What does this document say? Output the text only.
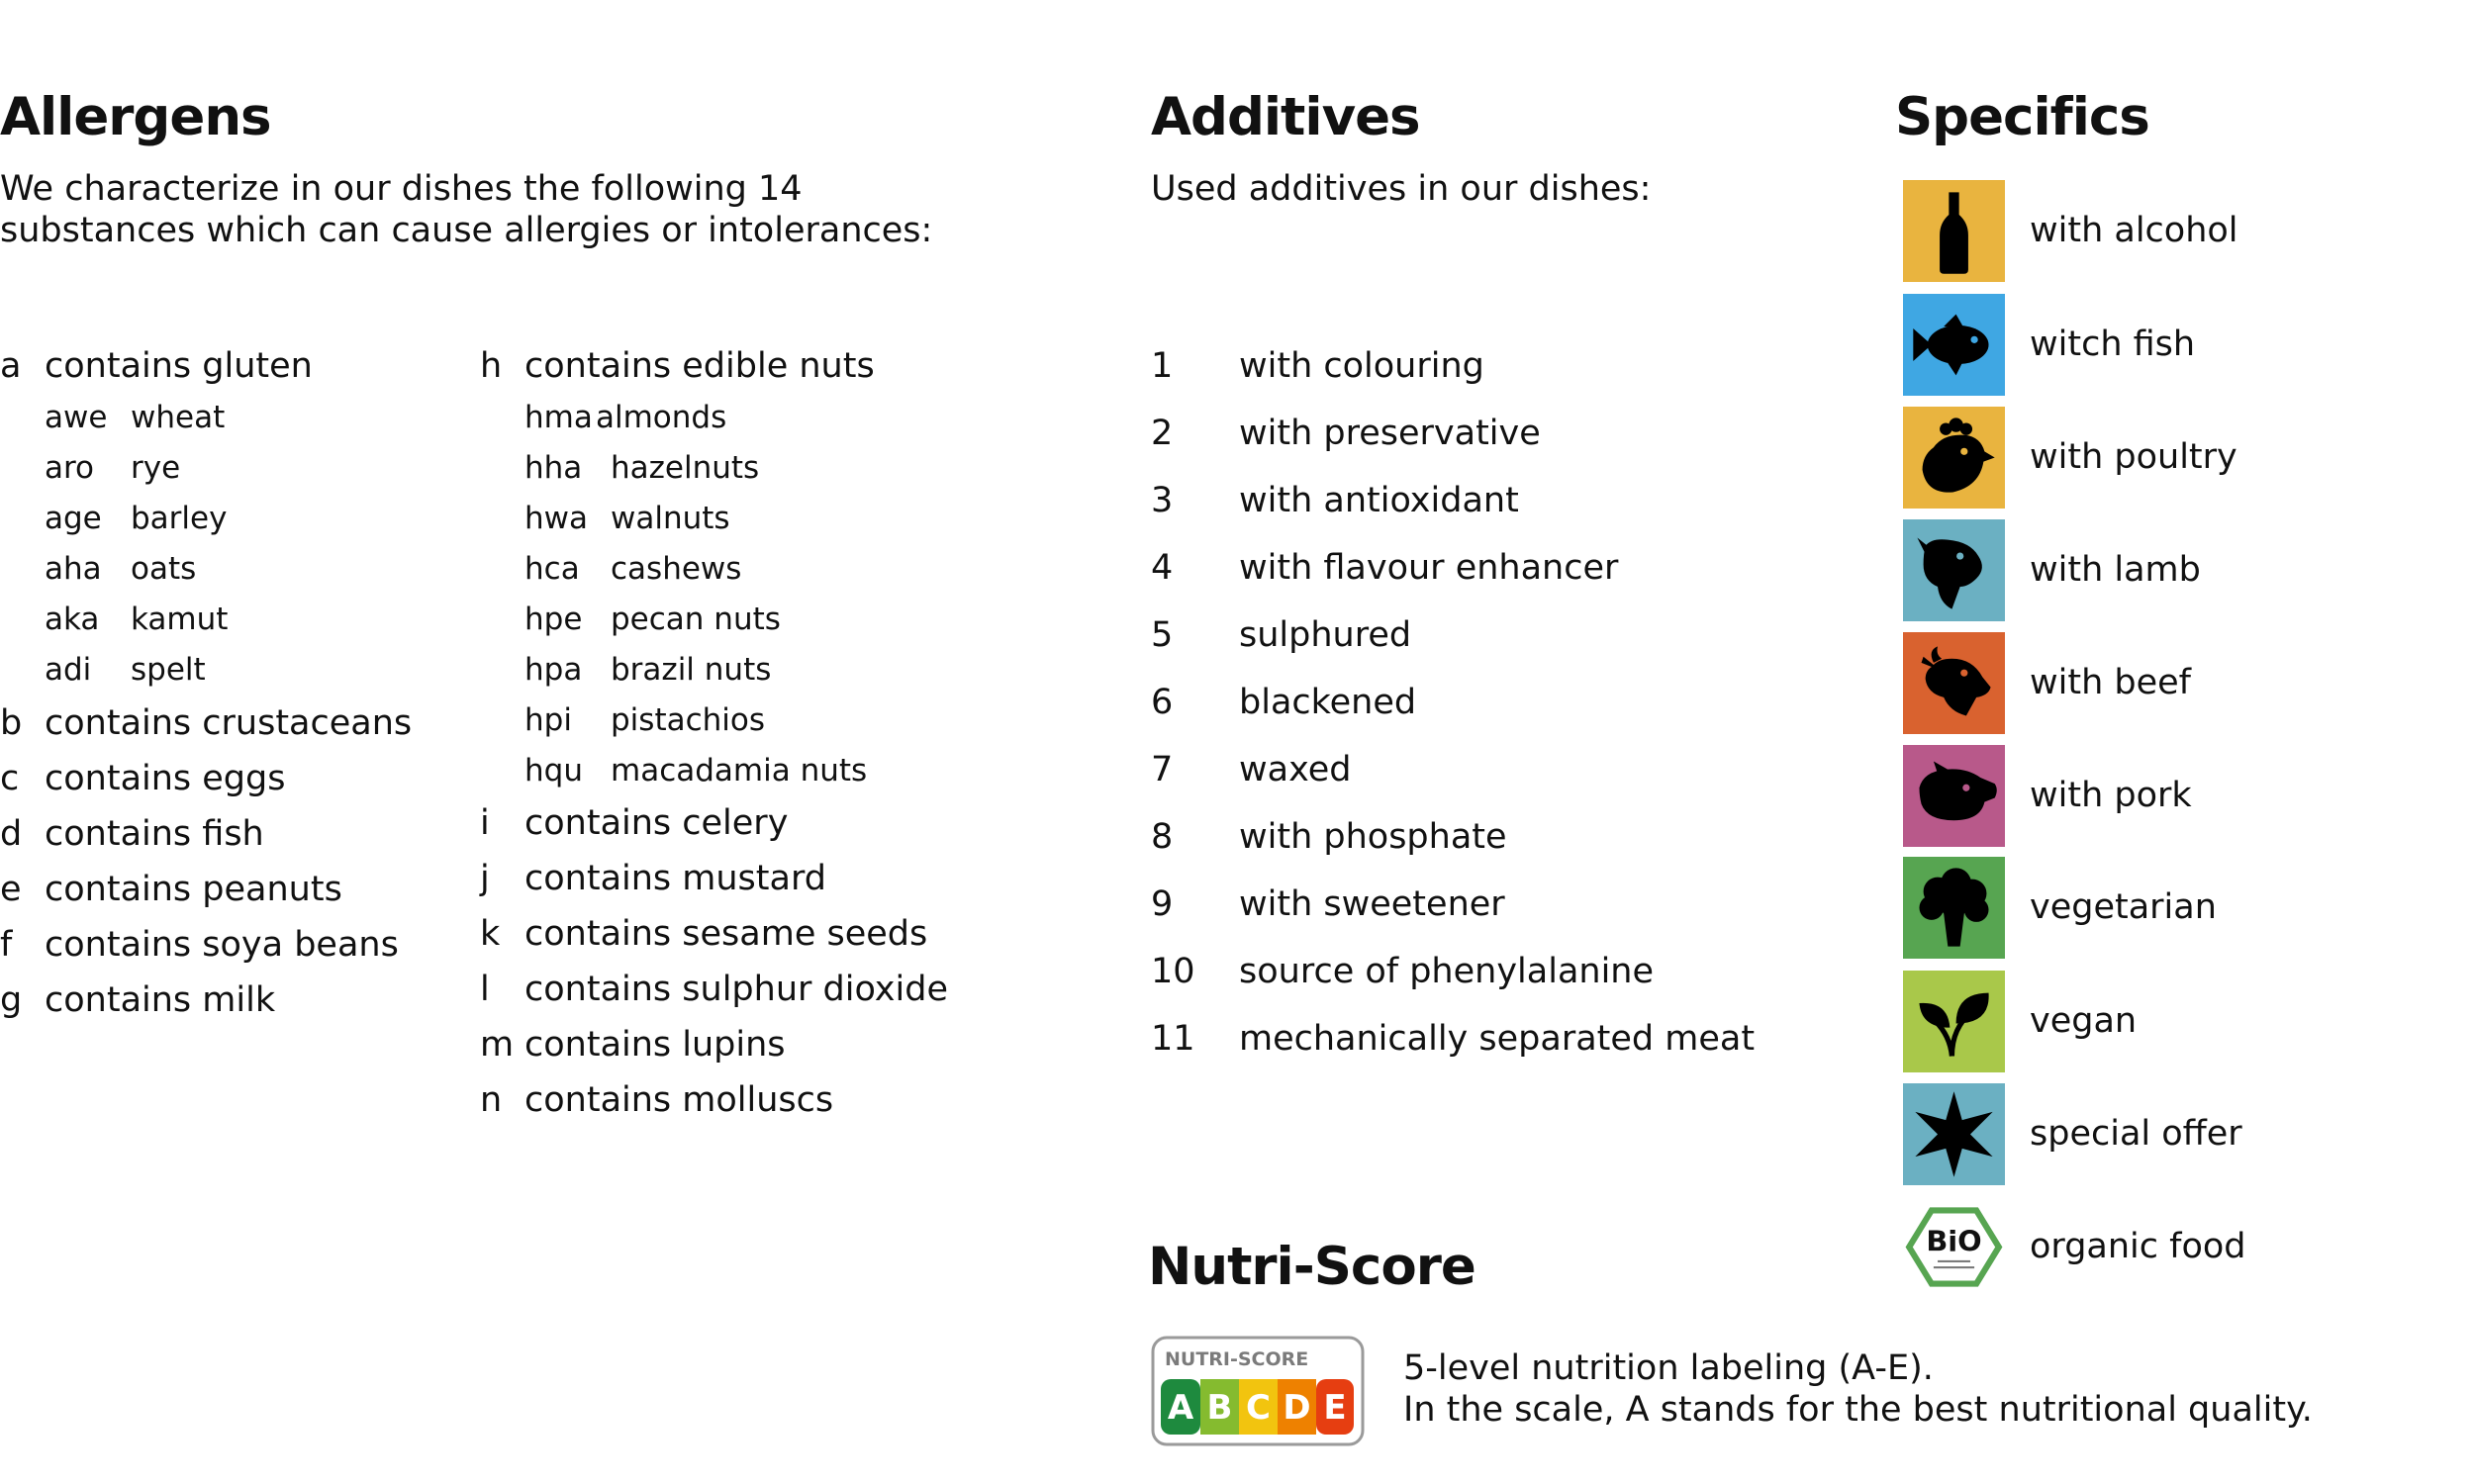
Allergens
We characterize in our dishes the following 14
substances which can cause allergies or intolerances:
a contains gluten
awe wheat
aro rye
age barley
aha oats
aka kamut
adi spelt
b contains crustaceans
c contains eggs
d contains fish
e contains peanuts
f contains soya beans
g contains milk
h contains edible nuts
hma almonds
hha hazelnuts
hwa walnuts
hca cashews
hpe pecan nuts
hpa brazil nuts
hpi pistachios
hqu macadamia nuts
i contains celery
j contains mustard
k contains sesame seeds
l contains sulphur dioxide
m contains lupins
n contains molluscs
Additives
Used additives in our dishes:
1 with colouring
2 with preservative
3 with antioxidant
4 with flavour enhancer
5 sulphured
6 blackened
7 waxed
8 with phosphate
9 with sweetener
10 source of phenylalanine
11 mechanically separated meat
Nutri-Score
NUTRI-SCORE
A B C D E
5-level nutrition labeling (A-E).
In the scale, A stands for the best nutritional quality.
Specifics
with alcohol
witch fish
with poultry
with lamb
with beef
with pork
vegetarian
vegan
special offer
BiO organic food
